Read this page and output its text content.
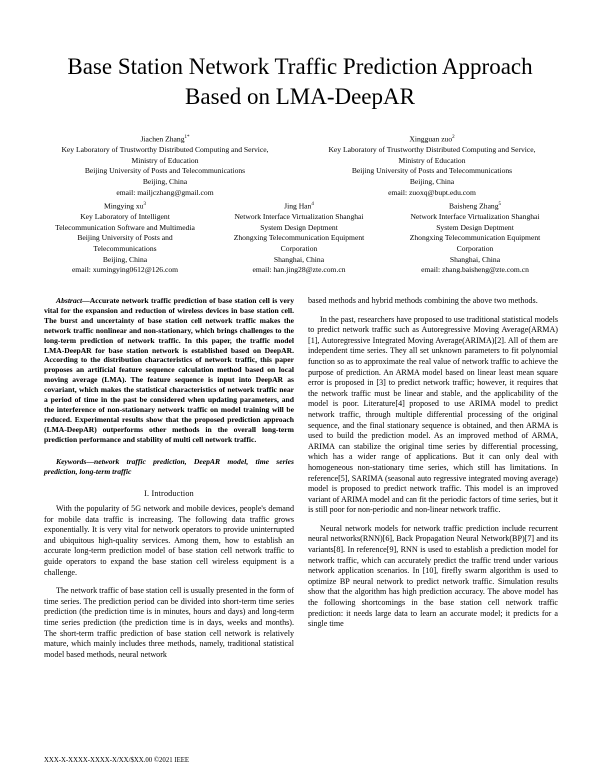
Base Station Network Traffic Prediction Approach
Based on LMA-DeepAR
Jiachen Zhang$^{1*}$
Key Laboratory of Trustworthy Distributed Computing and Service,
Ministry of Education
Beijing University of Posts and Telecommunications
Beijing, China
email: mailjczhang@gmail.com
Xingguan zuo$^2$
Key Laboratory of Trustworthy Distributed Computing and Service,
Ministry of Education
Beijing University of Posts and Telecommunications
Beijing, China
email: zuoxq@bupt.edu.com
Mingying $xu^3$
Key Laboratory of Intelligent
Telecommunication Software and Multimedia
Beijing University of Posts and
Telecommunications
Beijing, China
email: xumingying0612@126.com
Jing Han$^4$
Network Interface Virtualization Shanghai
System Design Deptment
Zhongxing Telecommunication Equipment
Corporation
Shanghai, China
email: han.jing28@zte.com.cn
Baisheng Zhang$^5$
Network Interface Virtualization Shanghai
System Design Deptment
Zhongxing Telecommunication Equipment
Corporation
Shanghai, China
email: zhang.baisheng@zte.com.cn

Abstract—Accurate network traffic prediction of base station cell is very vital for the expansion and reduction of wireless devices in base station cell. The burst and uncertainty of base station cell network traffic makes the network traffic nonlinear and non-stationary, which brings challenges to the long-term prediction of network traffic. In this paper, the traffic model LMA-DeepAR for base station network is established based on DeepAR. According to the distribution characteristics of network traffic, this paper proposes an artificial feature sequence calculation method based on local moving average (LMA). The feature sequence is input into DeepAR as covariant, which makes the statistical characteristics of network traffic near a period of time in the past be considered when updating parameters, and the interference of non-stationary network traffic on model training will be reduced. Experimental results show that the proposed prediction approach (LMA-DeepAR) outperforms other methods in the overall long-term prediction performance and stability of multi cell network traffic.

Keywords—network traffic prediction, DeepAR model, time series prediction, long-term traffic

I. Introduction

With the popularity of 5G network and mobile devices, people's demand for mobile data traffic is increasing. The following data traffic grows exponentially. It is very vital for network operators to provide uninterrupted and ubiquitous high-quality services. Among them, how to establish an accurate long-term prediction model of base station cell network traffic to guide operators to expand the base station cell wireless equipment is a challenge.

The network traffic of base station cell is usually presented in the form of time series. The prediction period can be divided into short-term time series prediction (the prediction time is in minutes, hours and days) and long-term time series prediction (the prediction time is in days, weeks and months). The short-term traffic prediction of base station cell network is relatively mature, which mainly includes three methods, namely, traditional statistical model based methods, neural network

based methods and hybrid methods combining the above two methods.

In the past, researchers have proposed to use traditional statistical models to predict network traffic such as Autoregressive Moving Average(ARMA)[1], Autoregressive Integrated Moving Average(ARIMA)[2]. All of them are independent time series. They all set unknown parameters to fit polynomial function so as to approximate the real value of network traffic to achieve the purpose of prediction. An ARMA model based on linear least mean square error is proposed in [3] to predict network traffic; however, it requires that the network traffic must be linear and stable, and the applicability of the model is poor. Literature[4] proposed to use ARIMA model to predict network traffic, through multiple differential processing of the original sequence, and the final stationary sequence is obtained, and then ARMA is used to build the prediction model. As an improved method of ARMA, ARIMA can stabilize the original time series by differential processing, which has a wider range of applications. But it can only deal with homogeneous non-stationary time series, which still has limitations. In reference[5], SARIMA (seasonal auto regressive integrated moving average) model is proposed to predict network traffic. This model is an improved variant of ARIMA model and can fit the periodic factors of time series, but it is still poor for non-periodic and non-linear network traffic.

Neural network models for network traffic prediction include recurrent neural networks(RNN)[6], Back Propagation Neural Network(BP)[7] and its variants[8]. In reference[9], RNN is used to establish a prediction model for network traffic, which can accurately predict the traffic trend under various network application scenarios. In [10], firefly swarm algorithm is used to optimize BP neural network to predict network traffic. Simulation results show that the algorithm has high prediction accuracy. The above model has the following shortcomings in the base station cell network traffic prediction: it needs large data to learn an accurate model; it predicts for a single time

XXX-X-XXXX-XXXX-X/XX/$XX.00 ©2021 IEEE
